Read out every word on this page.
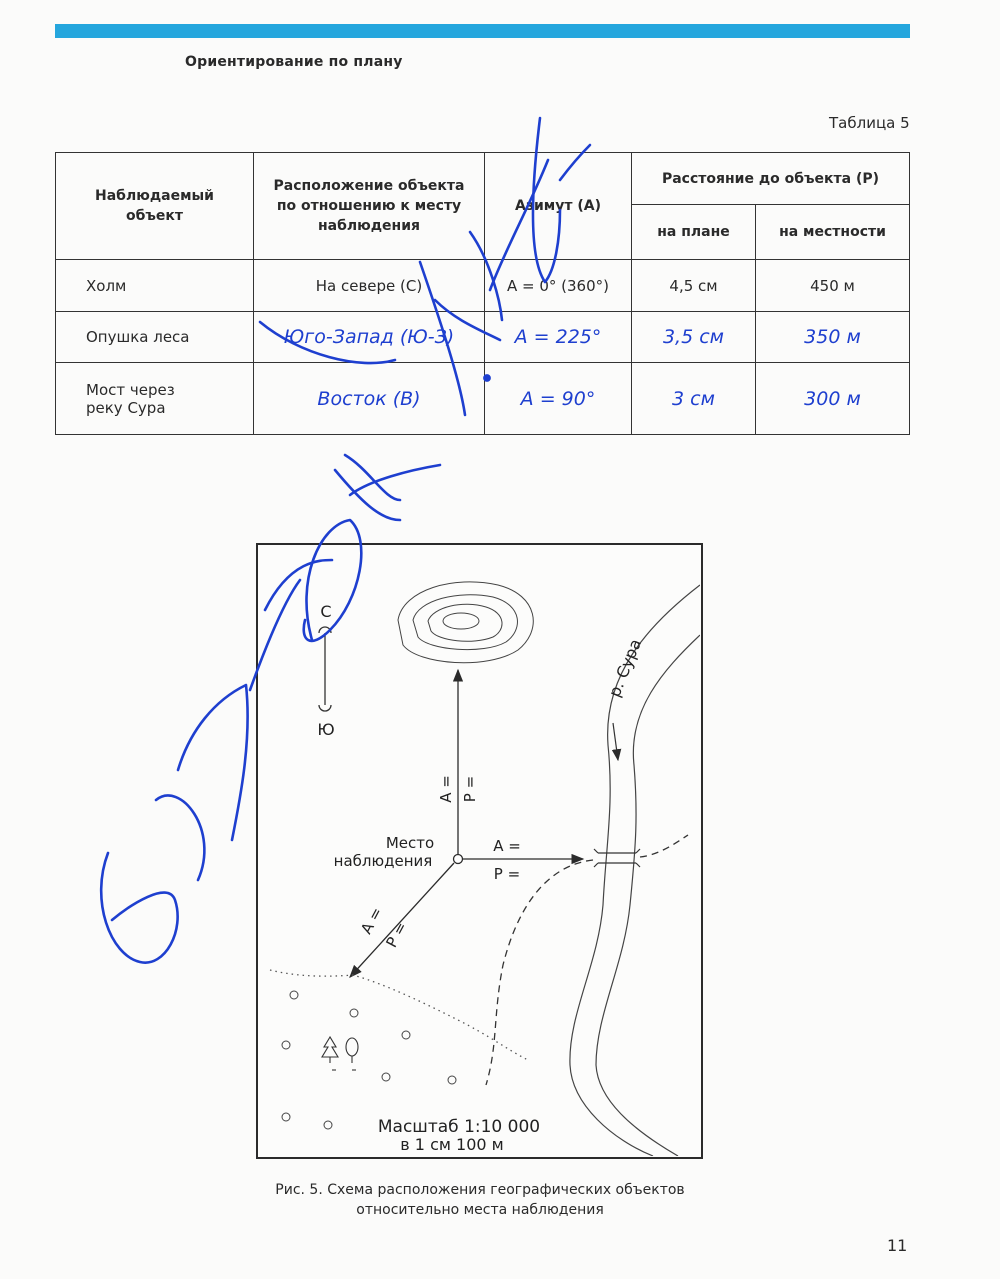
Ориентирование по плану
Таблица 5
Наблюдаемый объект	Расположение объекта по отношению к месту наблюдения	Азимут (А)	Расстояние до объекта (Р)	
			на плане	на местности
Холм	На севере (С)	А = 0° (360°)	4,5 см	450 м
Опушка леса	Юго-Запад (Ю-З)	А = 225°	3,5 см	350 м

Мост через реку Сура	Восток (В)	А = 90°	3 см	300 м
С
Ю
Место
наблюдения
А =
Р =
А = Р =
А =
Р =
р. Сура
Масштаб 1:10 000
в 1 см 100 м
Рис. 5. Схема расположения географических объектов
относительно места наблюдения
11
